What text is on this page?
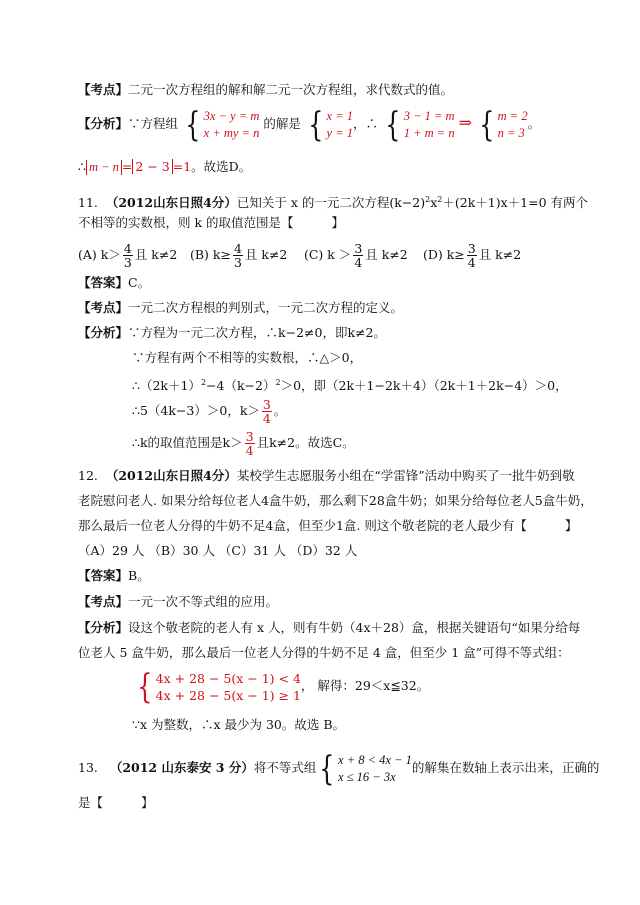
【考点】二元一次方程组的解和解二元一次方程组，求代数式的值。
【分析】∵方程组 { 3x − y = m
x + my = n
的解是 { x = 1
y = 1
，∴ { 3 − 1 = m
1 + m = n
⇒ { m = 2
n = 3
。
∴ m − n = 2 − 3 =1。故选D。
11. （2012山东日照4分）已知关于 x 的一元二次方程$(k-2)^2x^2+(2k+1)x+1=0$ 有两个
不相等的实数根，则 k 的取值范围是【	】
(A) $k> \frac{4}{3}$ 且 k≠2 (B) $k\ge \frac{4}{3}$ 且 k≠2 (C) $k > \frac{3}{4}$ 且 k≠2 (D) $k\ge \frac{3}{4}$ 且 k≠2
【答案】C。
【考点】一元二次方程根的判别式，一元二次方程的定义。
【分析】∵方程为一元二次方程，∴k−2≠0，即k≠2。
∵方程有两个不相等的实数根，∴△＞0，
$\therefore(2k+1)^2-4(k-2)^2>0$，即（2k＋1−2k＋4）（2k＋1＋2k−4）＞0，
∴5（4k−3）＞0，$k> \frac{3}{4}$ 。
∴k的取值范围是$k> \frac{3}{4}$ 且k≠2。故选C。
12. （2012山东日照4分）某校学生志愿服务小组在“学雷锋”活动中购买了一批牛奶到敬
老院慰问老人. 如果分给每位老人4盒牛奶，那么剩下28盒牛奶；如果分给每位老人5盒牛奶，
那么最后一位老人分得的牛奶不足4盒，但至少1盒. 则这个敬老院的老人最少有【	】
（A）29 人 （B）30 人 （C）31 人 （D）32 人
【答案】B。
【考点】一元一次不等式组的应用。
【分析】设这个敬老院的老人有 x 人，则有牛奶（4x＋28）盒，根据关键语句“如果分给每
位老人 5 盒牛奶，那么最后一位老人分得的牛奶不足 4 盒，但至少 1 盒”可得不等式组：
{ 4x + 28 − 5(x − 1) < 4
4x + 28 − 5(x − 1) ≥ 1
， 解得：29＜x≦32。
∵x 为整数，∴x 最少为 30。故选 B。
13. （2012 山东泰安 3 分）将不等式组{ x + 8 < 4x − 1
x ≤ 16 − 3x
的解集在数轴上表示出来，正确的
是【	】
